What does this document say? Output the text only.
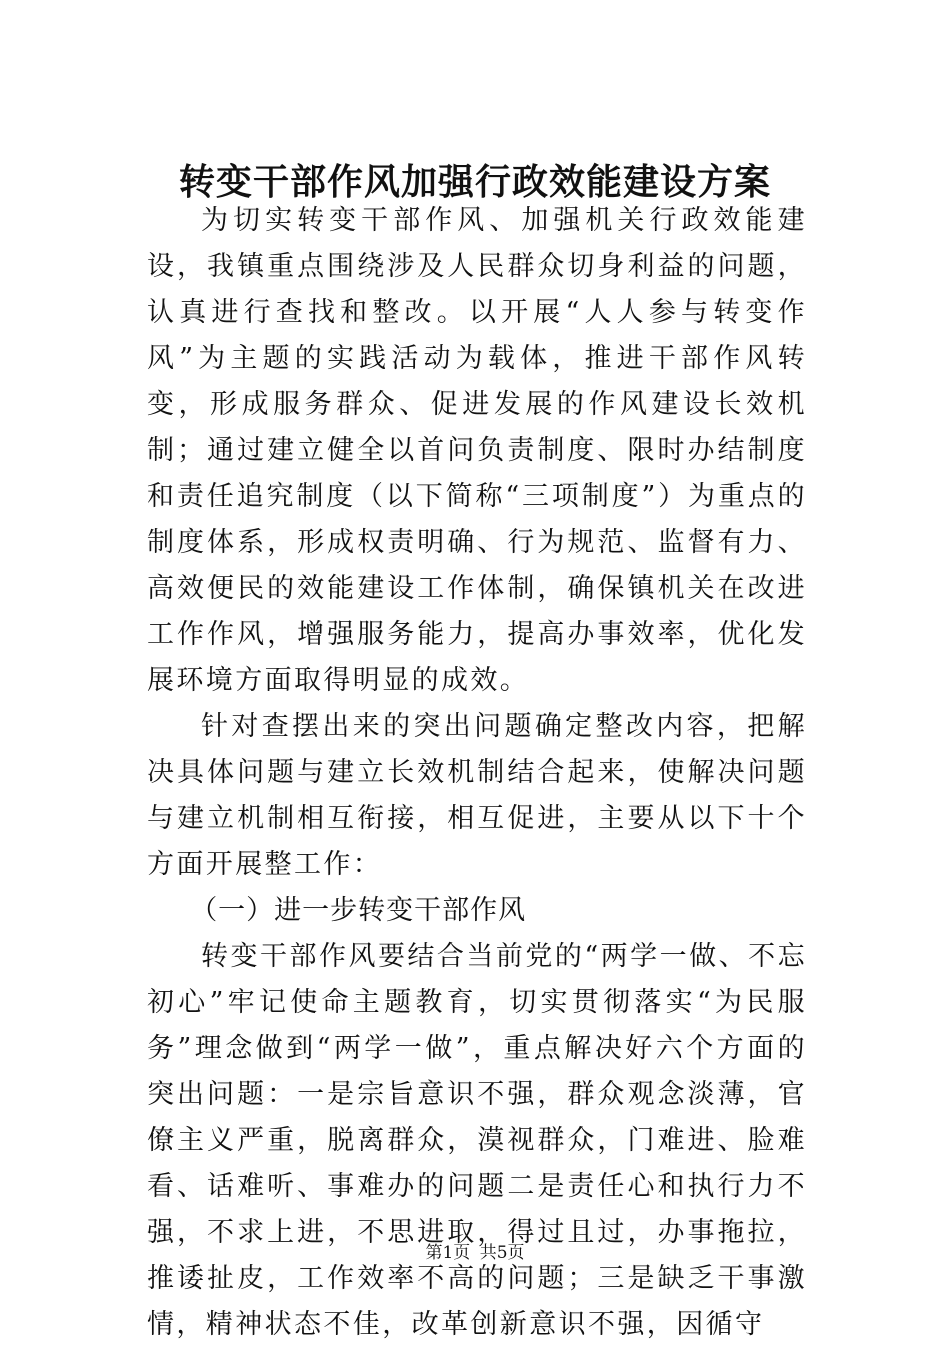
转变干部作风加强行政效能建设方案

为切实转变干部作风、加强机关行政效能建设，我镇重点围绕涉及人民群众切身利益的问题，认真进行查找和整改。以开展“人人参与转变作风”为主题的实践活动为载体，推进干部作风转变，形成服务群众、促进发展的作风建设长效机制；通过建立健全以首问负责制度、限时办结制度和责任追究制度（以下简称“三项制度”）为重点的制度体系，形成权责明确、行为规范、监督有力、高效便民的效能建设工作体制，确保镇机关在改进工作作风，增强服务能力，提高办事效率，优化发展环境方面取得明显的成效。

针对查摆出来的突出问题确定整改内容，把解决具体问题与建立长效机制结合起来，使解决问题与建立机制相互衔接，相互促进，主要从以下十个方面开展整工作：

（一）进一步转变干部作风

转变干部作风要结合当前党的“两学一做、不忘初心”牢记使命主题教育，切实贯彻落实“为民服务”理念做到“两学一做”，重点解决好六个方面的突出问题：一是宗旨意识不强，群众观念淡薄，官僚主义严重，脱离群众，漠视群众，门难进、脸难看、话难听、事难办的问题二是责任心和执行力不强，不求上进，不思进取，得过且过，办事拖拉，推诿扯皮，工作效率不高的问题；三是缺乏干事激情，精神状态不佳，改革创新意识不强，因循守

第1页 共5页
